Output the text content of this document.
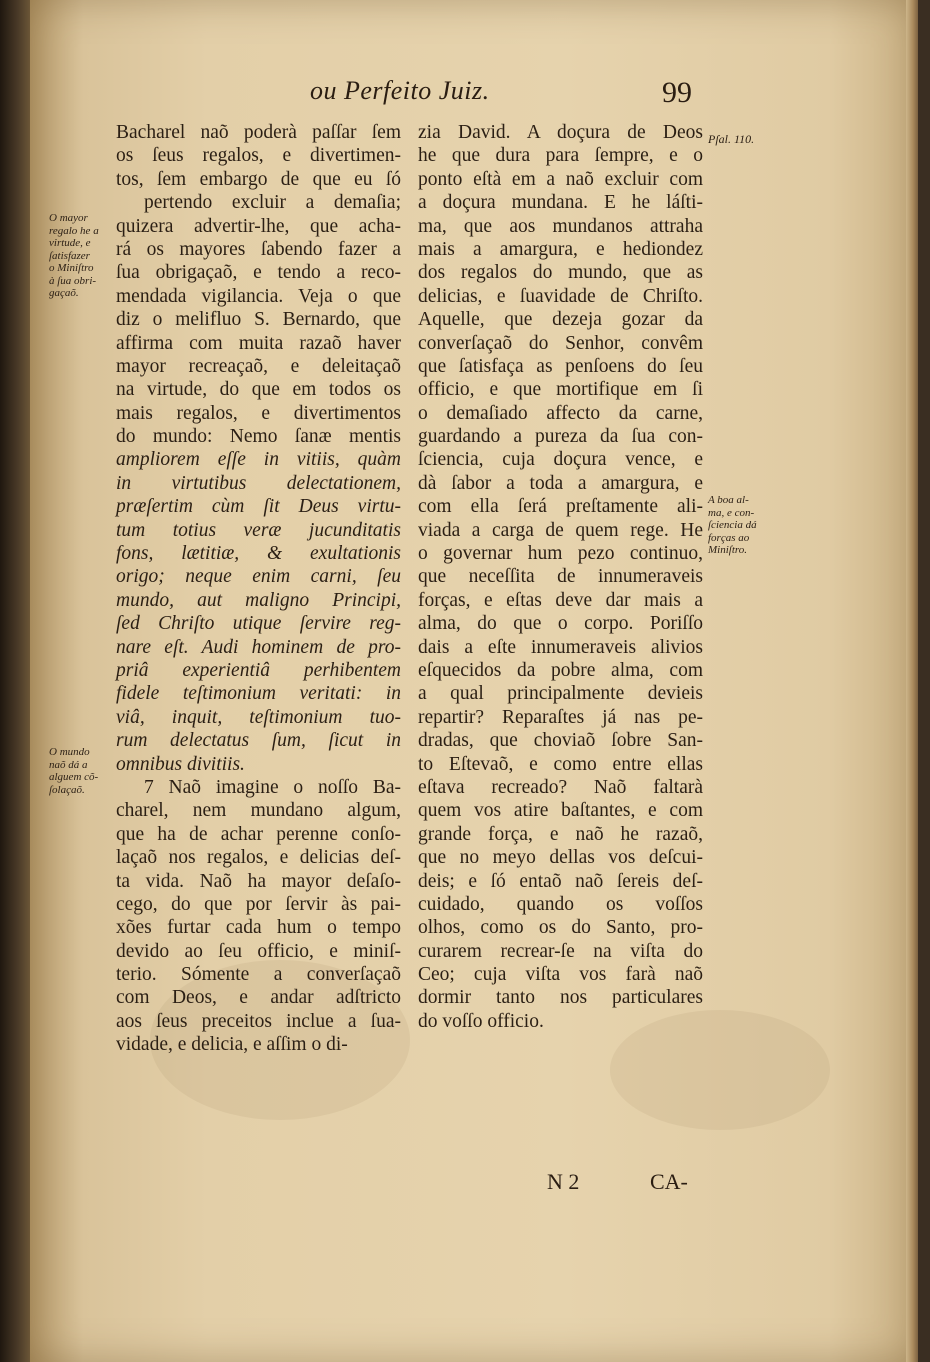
ou Perfeito Juiz.	99
Bacharel naõ poderà paſſar ſem
os ſeus regalos, e divertimen-
tos, ſem embargo de que eu ſó
pertendo excluir a demaſia;
quizera advertir-lhe, que acha-
rá os mayores ſabendo fazer a
ſua obrigaçaõ, e tendo a reco-
mendada vigilancia. Veja o que
diz o melifluo S. Bernardo, que
affirma com muita razaõ haver
mayor recreaçaõ, e deleitaçaõ
na virtude, do que em todos os
mais regalos, e divertimentos
do mundo: Nemo ſanæ mentis
ampliorem eſſe in vitiis, quàm
in virtutibus delectationem,
præſertim cùm ſit Deus virtu-
tum totius veræ jucunditatis
fons, lætitiæ, & exultationis
origo; neque enim carni, ſeu
mundo, aut maligno Principi,
ſed Chriſto utique ſervire reg-
nare eſt. Audi hominem de pro-
priâ experientiâ perhibentem
fidele teſtimonium veritati: in
viâ, inquit, teſtimonium tuo-
rum delectatus ſum, ſicut in
omnibus divitiis.
7 Naõ imagine o noſſo Ba-
charel, nem mundano algum,
que ha de achar perenne conſo-
laçaõ nos regalos, e delicias deſ-
ta vida. Naõ ha mayor deſaſo-
cego, do que por ſervir às pai-
xões furtar cada hum o tempo
devido ao ſeu officio, e miniſ-
terio. Sómente a converſaçaõ
com Deos, e andar adſtricto
aos ſeus preceitos inclue a ſua-
vidade, e delicia, e aſſim o di-
zia David. A doçura de Deos
he que dura para ſempre, e o
ponto eſtà em a naõ excluir com
a doçura mundana. E he láſti-
ma, que aos mundanos attraha
mais a amargura, e hediondez
dos regalos do mundo, que as
delicias, e ſuavidade de Chriſto.
Aquelle, que dezeja gozar da
converſaçaõ do Senhor, convêm
que ſatisfaça as penſoens do ſeu
officio, e que mortifique em ſi
o demaſiado affecto da carne,
guardando a pureza da ſua con-
ſciencia, cuja doçura vence, e
dà ſabor a toda a amargura, e
com ella ſerá preſtamente ali-
viada a carga de quem rege. He
o governar hum pezo continuo,
que neceſſita de innumeraveis
forças, e eſtas deve dar mais a
alma, do que o corpo. Poriſſo
dais a eſte innumeraveis alivios
eſquecidos da pobre alma, com
a qual principalmente devieis
repartir? Reparaſtes já nas pe-
dradas, que choviaõ ſobre San-
to Eſtevaõ, e como entre ellas
eſtava recreado? Naõ faltarà
quem vos atire baſtantes, e com
grande força, e naõ he razaõ,
que no meyo dellas vos deſcui-
deis; e ſó entaõ naõ ſereis deſ-
cuidado, quando os voſſos
olhos, como os do Santo, pro-
curarem recrear-ſe na viſta do
Ceo; cuja viſta vos farà naõ
dormir tanto nos particulares
do voſſo officio.
O mayor
regalo he a
virtude, e
ſatisfazer
o Miniſtro
à ſua obri-
gaçaõ.
O mundo
naõ dá a
alguem cõ-
ſolaçaõ.
Pſal. 110.
A boa al-
ma, e con-
ſciencia dá
forças ao
Miniſtro.
N 2	CA-
